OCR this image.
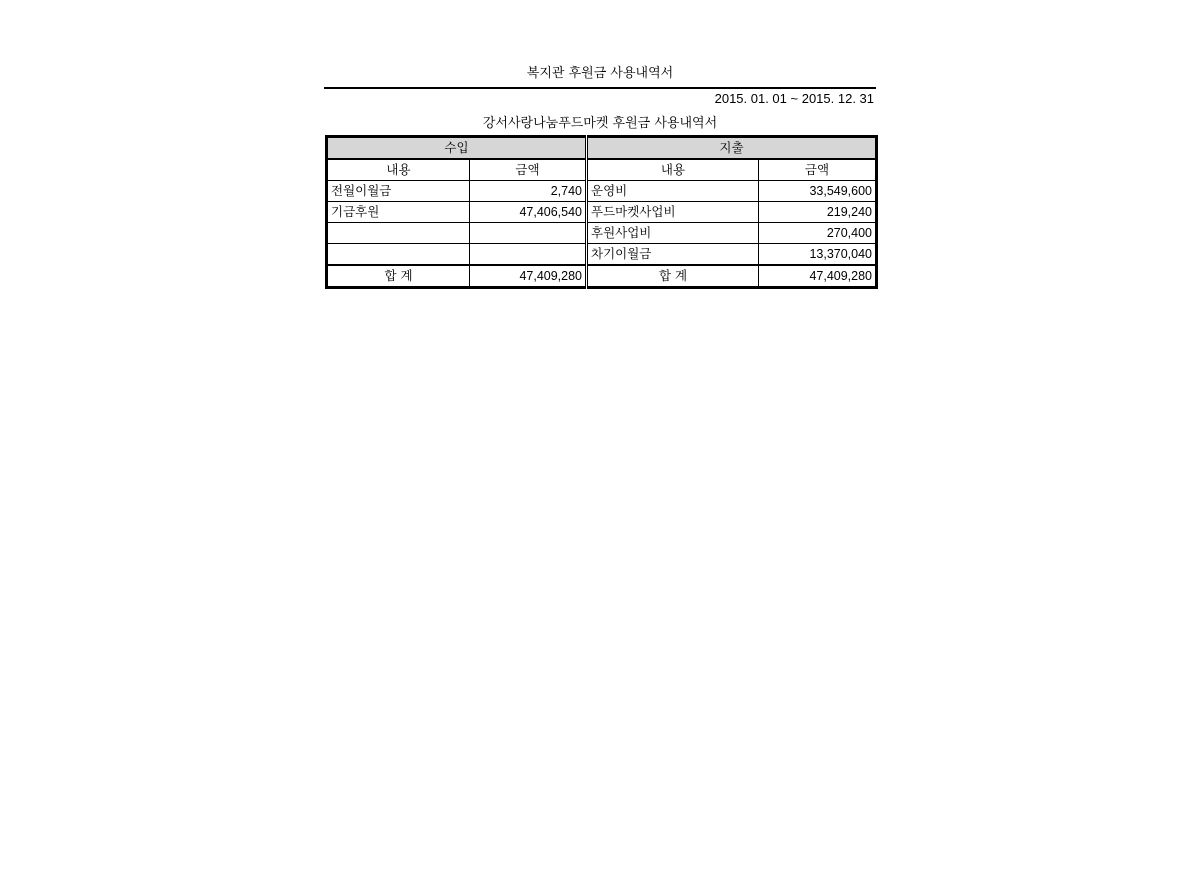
복지관 후원금 사용내역서
2015. 01. 01 ~ 2015. 12. 31
강서사랑나눔푸드마켓 후원금 사용내역서
수입		지출	
내용	금액	내용	금액
전월이월금	2,740	운영비	33,549,600
기금후원	47,406,540	푸드마켓사업비	219,240
		후원사업비	270,400
		차기이월금	13,370,040
합 계	47,409,280	합 계	47,409,280
